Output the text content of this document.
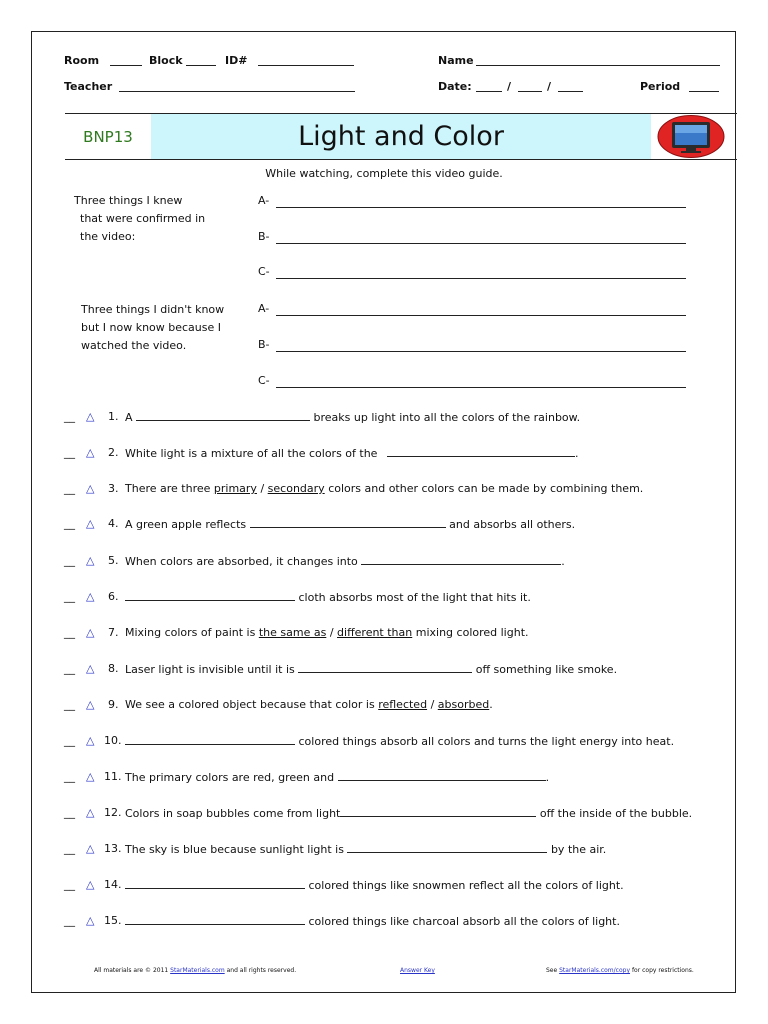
Room	Block	ID#	Name
Teacher	Date:	/	/	Period
BNP13	Light and Color
While watching, complete this video guide.
Three things I knew
that were confirmed in
the video:
A-
B-
C-
Three things I didn't know
but I now know because I
watched the video.
A-
B-
C-
__ △ 1. A	breaks up light into all the colors of the rainbow.
__ △ 2. White light is a mixture of all the colors of the	.
__ △ 3. There are three primary / secondary colors and other colors can be made by combining them.
__ △ 4. A green apple reflects	and absorbs all others.
__ △ 5. When colors are absorbed, it changes into	.
__ △ 6.	cloth absorbs most of the light that hits it.
__ △ 7. Mixing colors of paint is the same as / different than mixing colored light.
__ △ 8. Laser light is invisible until it is	off something like smoke.
__ △ 9. We see a colored object because that color is reflected / absorbed.
__ △ 10.	colored things absorb all colors and turns the light energy into heat.
__ △ 11. The primary colors are red, green and	.
__ △ 12. Colors in soap bubbles come from light	off the inside of the bubble.
__ △ 13. The sky is blue because sunlight light is	by the air.
__ △ 14.	colored things like snowmen reflect all the colors of light.
__ △ 15.	colored things like charcoal absorb all the colors of light.
All materials are © 2011 StarMaterials.com and all rights reserved.	Answer Key	See StarMaterials.com/copy for copy restrictions.
